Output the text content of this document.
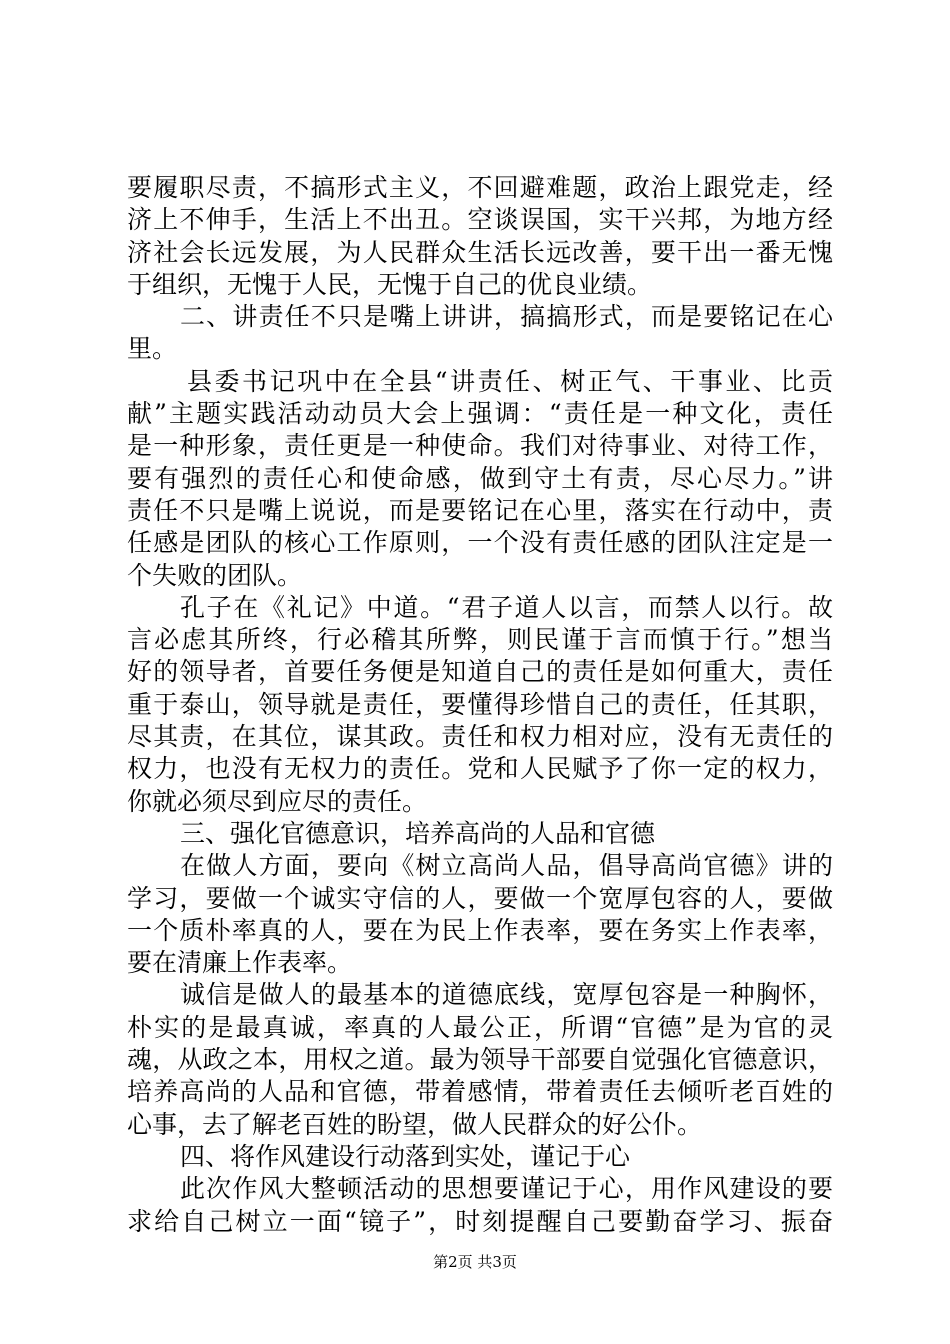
要履职尽责，不搞形式主义，不回避难题，政治上跟党走，经
济上不伸手，生活上不出丑。空谈误国，实干兴邦，为地方经
济社会长远发展，为人民群众生活长远改善，要干出一番无愧
于组织，无愧于人民，无愧于自己的优良业绩。
二、讲责任不只是嘴上讲讲，搞搞形式，而是要铭记在心
里。
县委书记巩中在全县“讲责任、树正气、干事业、比贡
献”主题实践活动动员大会上强调：“责任是一种文化，责任
是一种形象，责任更是一种使命。我们对待事业、对待工作，
要有强烈的责任心和使命感，做到守土有责，尽心尽力。”讲
责任不只是嘴上说说，而是要铭记在心里，落实在行动中，责
任感是团队的核心工作原则，一个没有责任感的团队注定是一
个失败的团队。
孔子在《礼记》中道。“君子道人以言，而禁人以行。故
言必虑其所终，行必稽其所弊，则民谨于言而慎于行。”想当
好的领导者，首要任务便是知道自己的责任是如何重大，责任
重于泰山，领导就是责任，要懂得珍惜自己的责任，任其职，
尽其责，在其位，谋其政。责任和权力相对应，没有无责任的
权力，也没有无权力的责任。党和人民赋予了你一定的权力，
你就必须尽到应尽的责任。
三、强化官德意识，培养高尚的人品和官德
在做人方面，要向《树立高尚人品，倡导高尚官德》讲的
学习，要做一个诚实守信的人，要做一个宽厚包容的人，要做
一个质朴率真的人，要在为民上作表率，要在务实上作表率，
要在清廉上作表率。
诚信是做人的最基本的道德底线，宽厚包容是一种胸怀，
朴实的是最真诚，率真的人最公正，所谓“官德”是为官的灵
魂，从政之本，用权之道。最为领导干部要自觉强化官德意识，
培养高尚的人品和官德，带着感情，带着责任去倾听老百姓的
心事，去了解老百姓的盼望，做人民群众的好公仆。
四、将作风建设行动落到实处，谨记于心
此次作风大整顿活动的思想要谨记于心，用作风建设的要
求给自己树立一面“镜子”，时刻提醒自己要勤奋学习、振奋
第2页 共3页
